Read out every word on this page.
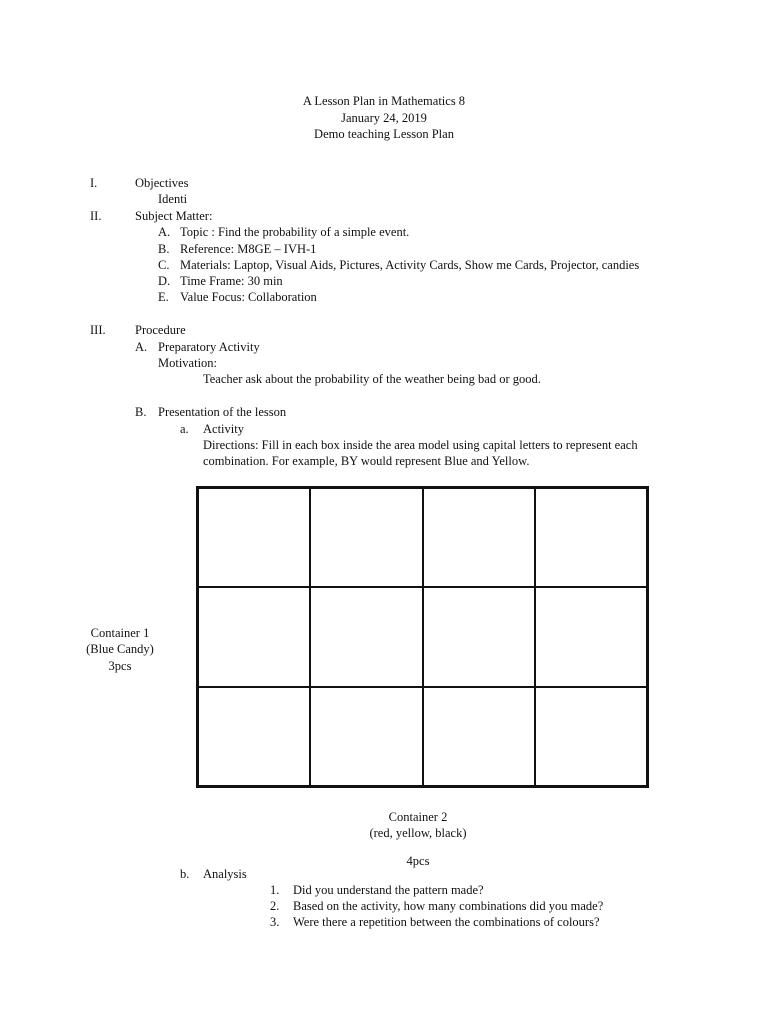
A Lesson Plan in Mathematics 8
January 24, 2019
Demo teaching Lesson Plan
I.	Objectives
Identi
II.	Subject Matter:
A. Topic : Find the probability of a simple event.
B. Reference: M8GE – IVH-1
C. Materials: Laptop, Visual Aids, Pictures, Activity Cards, Show me Cards, Projector, candies
D. Time Frame: 30 min
E. Value Focus: Collaboration
III. Procedure
A. Preparatory Activity
Motivation:
Teacher ask about the probability of the weather being bad or good.
B. Presentation of the lesson
a. Activity
Directions: Fill in each box inside the area model using capital letters to represent each
combination. For example, BY would represent Blue and Yellow.
Container 1
(Blue Candy)
3pcs
Container 2
(red, yellow, black)
4pcs
b. Analysis
1. Did you understand the pattern made?
2. Based on the activity, how many combinations did you made?
3. Were there a repetition between the combinations of colours?
